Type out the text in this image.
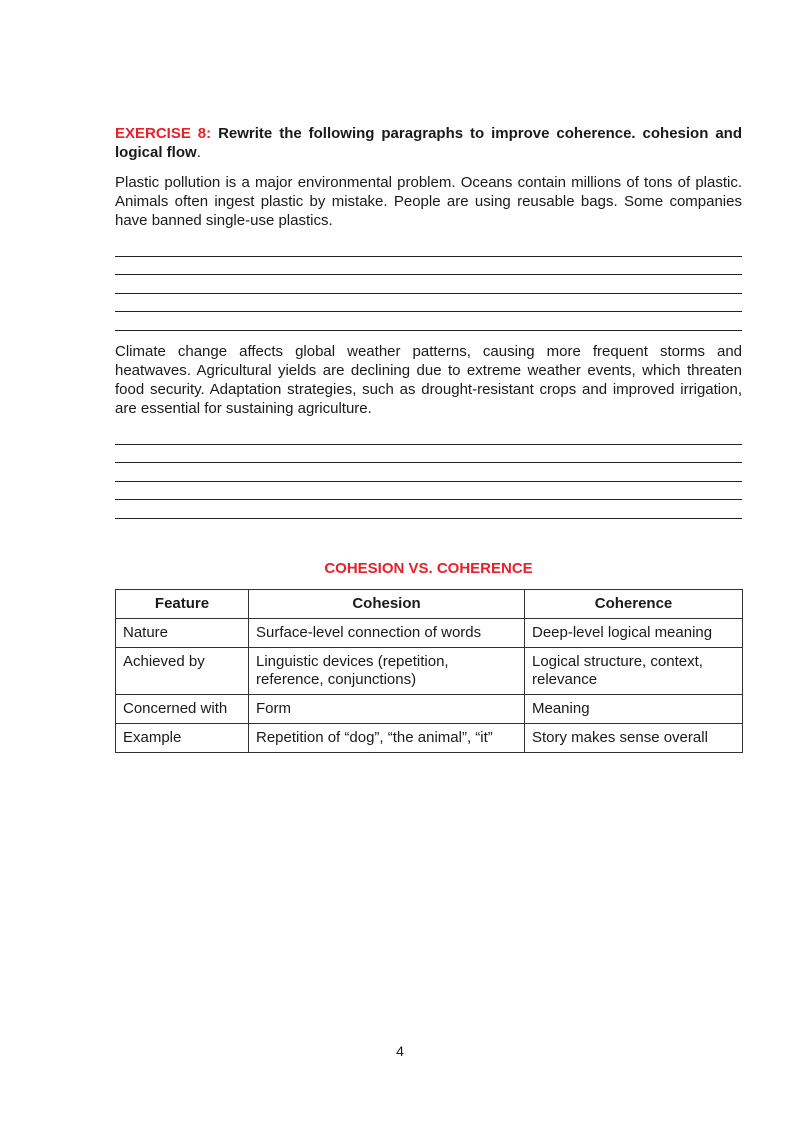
EXERCISE 8: Rewrite the following paragraphs to improve coherence. cohesion and logical flow.

Plastic pollution is a major environmental problem. Oceans contain millions of tons of plastic. Animals often ingest plastic by mistake. People are using reusable bags. Some companies have banned single-use plastics.

Climate change affects global weather patterns, causing more frequent storms and heatwaves. Agricultural yields are declining due to extreme weather events, which threaten food security. Adaptation strategies, such as drought-resistant crops and improved irrigation, are essential for sustaining agriculture.

COHESION VS. COHERENCE
Feature	Cohesion	Coherence
Nature	Surface-level connection of words	Deep-level logical meaning
Achieved by	Linguistic devices (repetition, reference, conjunctions)	Logical structure, context, relevance
Concerned with	Form	Meaning
Example	Repetition of “dog”, “the animal”, “it”	Story makes sense overall
4
